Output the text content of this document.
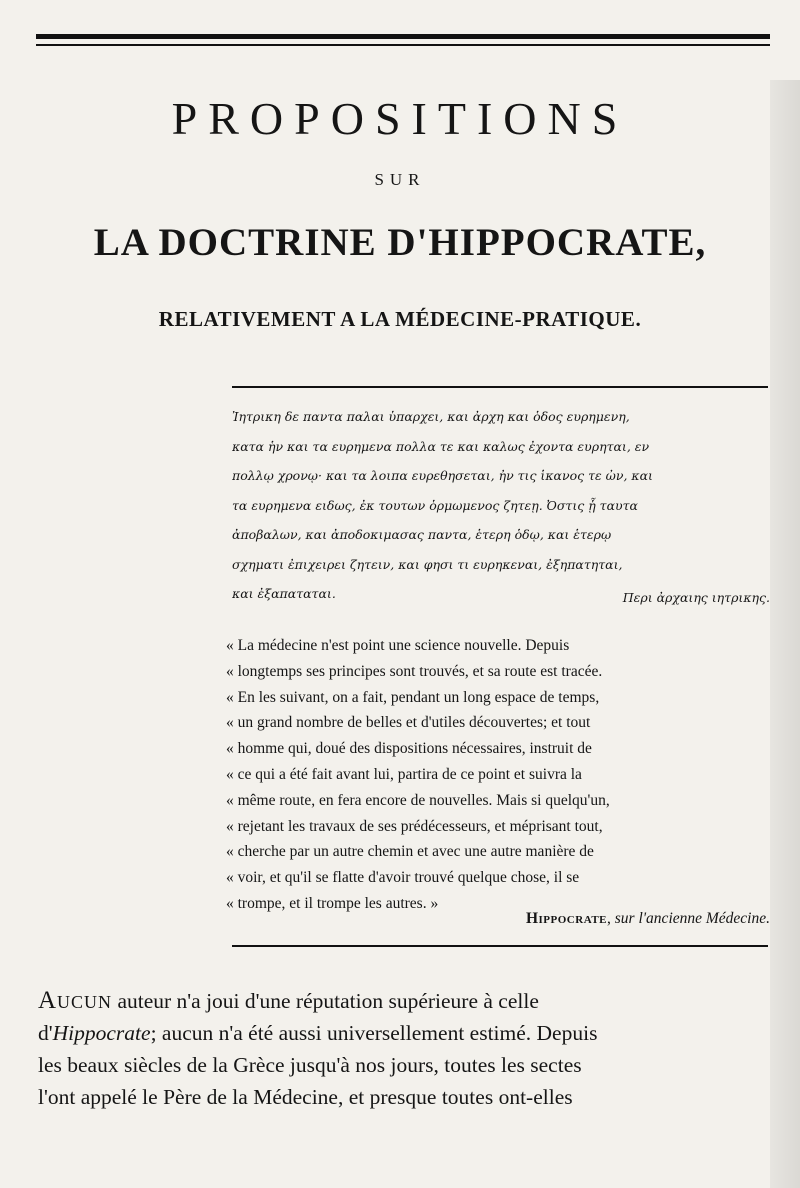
PROPOSITIONS
SUR
LA DOCTRINE D'HIPPOCRATE,
RELATIVEMENT A LA MÉDECINE-PRATIQUE.
Ἰητρικη δε παντα παλαι ὑπαρχει, και ἀρχη και ὁδος ευρημενη,
κατα ἡν και τα ευρημενα πολλα τε και καλως ἐχοντα ευρηται, εν
πολλῳ χρονῳ· και τα λοιπα ευρεθησεται, ἠν τις ἱκανος τε ὠν, και
τα ευρημενα ειδως, ἐκ τουτων ὁρμωμενος ζητεῃ. Ὀστις ᾗ ταυτα
ἀποβαλων, και ἀποδοκιμασας παντα, ἑτερη ὁδῳ, και ἑτερῳ
σχηματι ἐπιχειρει ζητειν, και φησι τι ευρηκεναι, ἐξηπατηται,
και ἐξαπαταται.	Περι ἀρχαιης ιητρικης.
« La médecine n'est point une science nouvelle. Depuis
« longtemps ses principes sont trouvés, et sa route est tracée.
« En les suivant, on a fait, pendant un long espace de temps,
« un grand nombre de belles et d'utiles découvertes; et tout
« homme qui, doué des dispositions nécessaires, instruit de
« ce qui a été fait avant lui, partira de ce point et suivra la
« même route, en fera encore de nouvelles. Mais si quelqu'un,
« rejetant les travaux de ses prédécesseurs, et méprisant tout,
« cherche par un autre chemin et avec une autre manière de
« voir, et qu'il se flatte d'avoir trouvé quelque chose, il se
« trompe, et il trompe les autres. »
Hippocrate, sur l'ancienne Médecine.
Aucun auteur n'a joui d'une réputation supérieure à celle
d'Hippocrate; aucun n'a été aussi universellement estimé. Depuis
les beaux siècles de la Grèce jusqu'à nos jours, toutes les sectes
l'ont appelé le Père de la Médecine, et presque toutes ont-elles
